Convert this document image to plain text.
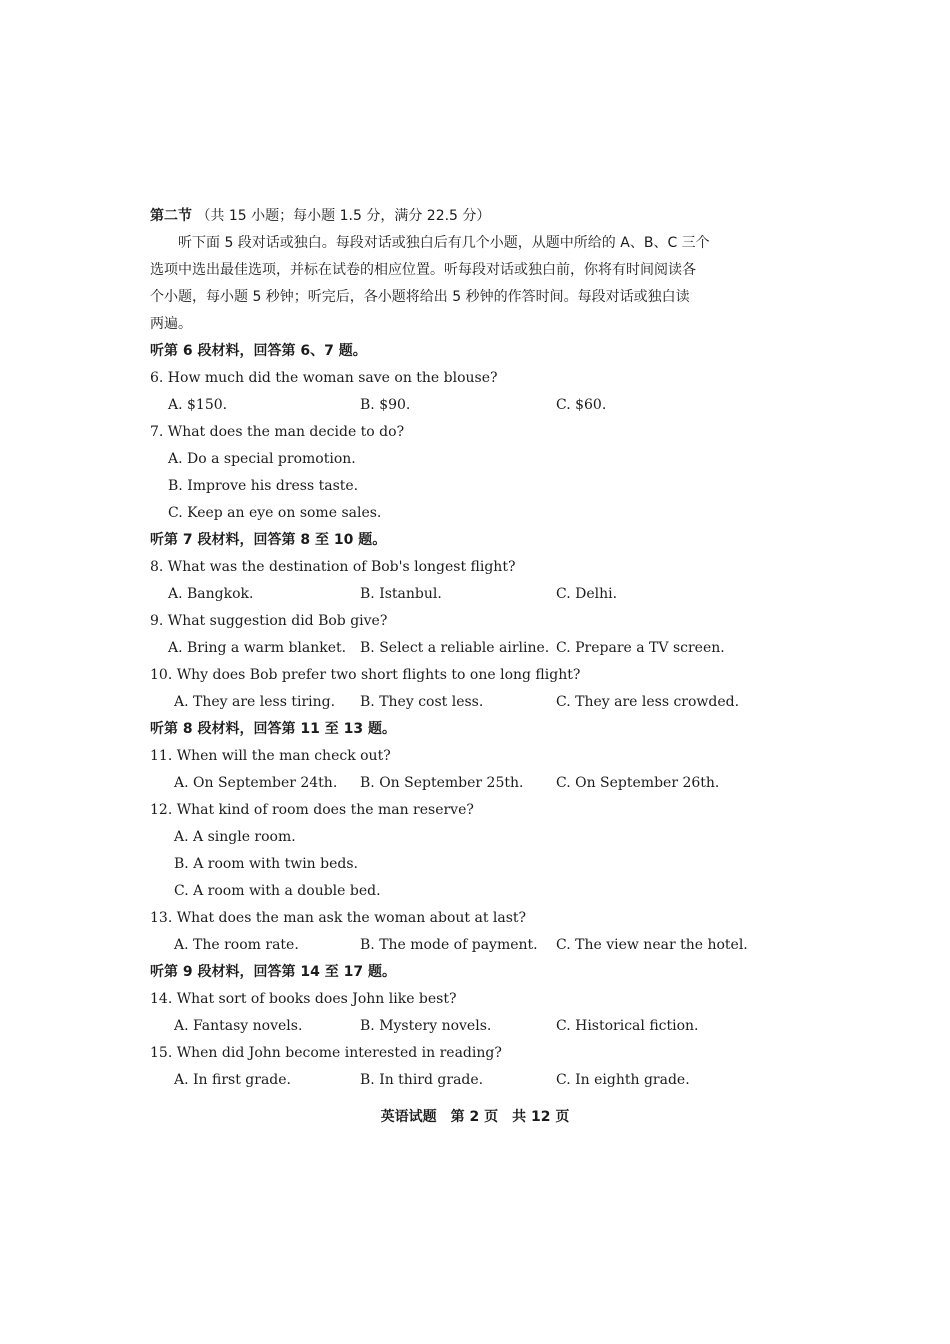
第二节 （共 15 小题；每小题 1.5 分，满分 22.5 分）
听下面 5 段对话或独白。每段对话或独白后有几个小题，从题中所给的 A、B、C 三个
选项中选出最佳选项，并标在试卷的相应位置。听每段对话或独白前，你将有时间阅读各
个小题，每小题 5 秒钟；听完后，各小题将给出 5 秒钟的作答时间。每段对话或独白读
两遍。
听第 6 段材料，回答第 6、7 题。
6. How much did the woman save on the blouse?
A. $150.	B. $90.	C. $60.
7. What does the man decide to do?
A. Do a special promotion.
B. Improve his dress taste.
C. Keep an eye on some sales.
听第 7 段材料，回答第 8 至 10 题。
8. What was the destination of Bob's longest flight?
A. Bangkok.	B. Istanbul.	C. Delhi.
9. What suggestion did Bob give?
A. Bring a warm blanket. B. Select a reliable airline. C. Prepare a TV screen.
10. Why does Bob prefer two short flights to one long flight?
A. They are less tiring. B. They cost less.	C. They are less crowded.
听第 8 段材料，回答第 11 至 13 题。
11. When will the man check out?
A. On September 24th. B. On September 25th. C. On September 26th.
12. What kind of room does the man reserve?
A. A single room.
B. A room with twin beds.
C. A room with a double bed.
13. What does the man ask the woman about at last?
A. The room rate.	B. The mode of payment. C. The view near the hotel.
听第 9 段材料，回答第 14 至 17 题。
14. What sort of books does John like best?
A. Fantasy novels.	B. Mystery novels.	C. Historical fiction.
15. When did John become interested in reading?
A. In first grade.	B. In third grade.	C. In eighth grade.
英语试题　第 2 页　共 12 页
